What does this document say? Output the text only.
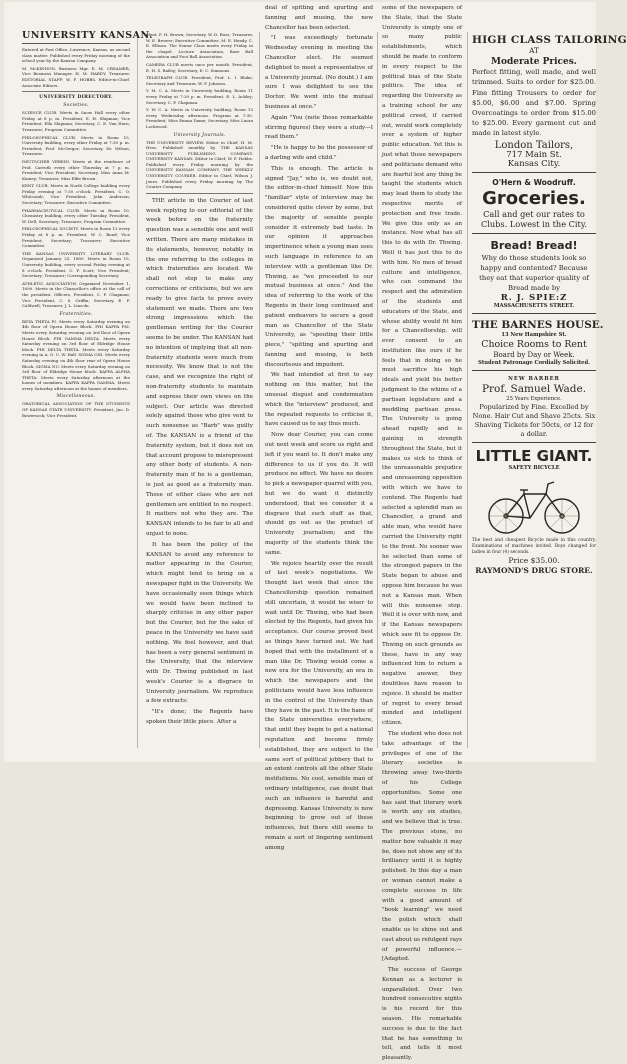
UNIVERSITY KANSAN.

Entered at Post Office, Lawrence, Kansas, as second class matter. Published every Friday morning of the school year by the Kansan Company.

M. McKINNON, Business Mgr. E. M. CREAMER, Vice Business Manager. H. M. HARDY, Treasurer. EDITORIAL STAFF: W. F. HOBBS, Editor-in-Chief. Associate Editors.

UNIVERSITY DIRECTORY.
Societies.

SCIENCE CLUB. Meets in Snow Hall every other Friday at 8 p. m. President, E. H. Shipman; Vice President, Ella Shipman; Secretary, C. E. Van Horn; Treasurer; Program Committee.

PHILOSOPHICAL CLUB. Meets in Room 15, University building, every other Friday at 7:30 p. m. President, Prof. McGregor; Secretary, Dr. Wilson; Treasurer.

DEUTSCHER VEREIN. Meets at the residence of Prof. Carruth every other Thursday at 7 p. m. President; Vice President; Secretary, Miss Anna M. Kinney; Treasurer, Miss Elfie Brown.

KENT CLUB. Meets in North College building every Friday evening at 7:30 o'clock. President, C. O. Whitcomb; Vice President, John Anderson; Secretary; Treasurer; Executive Committee.

PHARMACEUTICAL CLUB. Meets in Room 10, Chemistry building, every other Tuesday. President, W. Dell; Secretary; Treasurer; Program Committee.

PHILOSOPHICAL SOCIETY. Meets in Room 13 every Friday at 8 p. m. President, W. C. Bond; Vice President; Secretary; Treasurer; Executive Committee.

THE KANSAS UNIVERSITY LITERARY CLUB. Organized January 25, 1889. Meets in Room 15, University building, every second Friday evening at 8 o'clock. President, C. F. Scott; Vice President; Secretary; Treasurer; Corresponding Secretary.

ATHLETIC ASSOCIATION. Organized November 1, 1890. Meets in the Chancellor's office at the call of the president. Officers, President, C. F. Chapman; Vice President, C. S. Griffin; Secretary, E. F. Caldwell; Treasurer, J. L. Lincoln.

Fraternities.

BETA THETA PI. Meets every Saturday evening on 4th floor of Opera House Block. PHI KAPPA PSI. Meets every Saturday evening on 3rd floor of Opera House Block. PHI GAMMA DELTA. Meets every Saturday evening on 3rd floor of Eldridge House block. PHI DELTA THETA. Meets every Saturday evening in A. O. U. W. Hall. SIGMA CHI. Meets every Saturday evening on 4th floor rear of Opera House Block. SIGMA NU. Meets every Saturday evening on 3rd floor of Eldridge House block. KAPPA ALPHA THETA. Meets every Saturday afternoon at the homes of members. KAPPA KAPPA GAMMA. Meets every Saturday afternoon at the homes of members.

Miscellaneous.

ORATORICAL ASSOCIATION OF THE STUDENTS OF KANSAS STATE UNIVERSITY. President, Jno. D. Bowersock; Vice President.

ident, F. H. Brown; Secretary, W. D. Ross; Treasurer, W. E. Brewer; Executive Committee, M. E. Hendy, C. E. Ellison. The Senior Class meets every Friday in the chapel. Lecture Association, Base Ball Association and Foot Ball Association.

CAMERA CLUB meets once per month. President, E. H. S. Bailey; Secretary, E. C. Simmons.

TELEGRAPH CLUB. President, Prof. L. I. Blake; Secretary and Treasurer, W. F. Johnson.

Y. M. C. A. Meets in University building, Room 11 every Friday at 7:30 p. m. President, E. L. Ackley; Secretary, C. P. Chapman.

Y. W. C. A. Meets in University building, Room 15 every Wednesday afternoon. Program at 7:30. President, Miss Emma Dame; Secretary, Miss Laura Lockwood.

University Journals.

THE UNIVERSITY REVIEW. Editor in Chief, H. M. Hess. Published monthly by THE KANSAS UNIVERSITY PUBLISHING COMPANY. UNIVERSITY KANSAN. Editor in Chief, W. F. Hobbs. Published every Friday morning by the UNIVERSITY KANSAN COMPANY. THE WEEKLY UNIVERSITY COURIER. Editor in Chief, Wilson J. Jones. Published every Friday morning by The Courier Company.

THE article in the Courier of last week replying to our editorial of the week before on the fraternity question was a sensible one and well written. There are many mistakes in its statements, however, notably in the one referring to the colleges in which fraternities are located. We shall not stop to make any corrections or criticisms, but we are ready to give facts to prove every statement we made. There are two strong impressions which the gentleman writing for the Courier seems to be under. The KANSAN had no intention of implying that all non-fraternity students were much from necessity. We know that is not the case, and we recognize the right of non-fraternity students to maintain and express their own views on the subject. Our article was directed solely against those who give vent to such nonsense as "Barb" was guilty of. The KANSAN is a friend of the fraternity system, but it does not on that account propose to misrepresent any other body of students. A non-fraternity man if he is a gentleman, is just as good as a fraternity man. Those of either class who are not gentlemen are entitled to no respect. It matters not who they are. The KANSAN intends to be fair to all and unjust to none.

It has been the policy of the KANSAN to avoid any reference to matter appearing in the Courier, which might tend to bring on a newspaper fight in the University. We have occasionally seen things which we would have been inclined to sharply criticise in any other paper but the Courier, but for the sake of peace in the University we have said nothing. We feel however, and that has been a very general sentiment in the University, that the interview with Dr. Thwing published in last week's Courier is a disgrace to University journalism. We reproduce a few extracts:

"It's done; the Regents have spoken their little piece. After a

deal of spitting and spurting and fanning and musing, the new Chancellor has been selected.

"I was exceedingly fortunate Wednesday evening in meeting the Chancellor elect. He seemed delighted to meet a representative of a University journal. (No doubt.) I am sure I was delighted to see the Doctor. We went into the mutual business at once."

Again "You (note those remarkable stirring figures) they were a study—I read them."

"He is happy to be the possessor of a darling wife and child."

This is enough. The article is signed "Jay," who is, we doubt not, the editor-in-chief himself. Now this "familiar" style of interview may be considered quite clever by some, but the majority of sensible people consider it extremely bad taste. In our opinion it approaches impertinence when a young man uses such language in reference to an interview with a gentleman like Dr. Thwing, as "we proceeded to our mutual business at once." And the idea of referring to the work of the Regents in their long continued and patient endeavors to secure a good man as Chancellor of the State University, as "spouting their little piece," "spitting and spurting and fanning and musing, is both discourteous and impudent.

We had intended at first to say nothing on this matter, but the unusual disgust and condemnation which the "interview" produced, and the repeated requests to criticise it, have caused us to say thus much.

Now dear Courier, you can come out next week and score us right and left if you want to. It don't make any difference to us if you do. It will produce no effect. We have no desire to pick a newspaper quarrel with you, but we do want it distinctly understood, that we consider it a disgrace that such stuff as that, should go out as the product of University journalism; and the majority of the students think the same.

We rejoice heartily over the result of last week's negotiations. We thought last week that since the Chancellorship question remained still uncertain, it would be wiser to wait until Dr. Thwing, who had been elected by the Regents, had given his acceptance. Our course proved best as things have turned out. We had hoped that with the installment of a man like Dr. Thwing would come a new era for the University, an era in which the newspapers and the politicians would have less influence in the control of the University than they have in the past. It is the bane of the State universities everywhere, that until they begin to get a national reputation and become firmly established, they are subject to the same sort of political jobbery that to an extent controls all the other State institutions. No cool, sensible man of ordinary intelligence, can doubt that such an influence is harmful and depressing. Kansas University is now beginning to grow out of these influences, but there still seems to remain a sort of lingering sentiment among

some of the newspapers of the State, that the State University is simply one of so many public establishments, which should be made to conform in every respect to the political bias of the State politics. The idea of regarding the University as a training school for any political creed, if carried out, would work completely over a system of higher public education. Yet this is just what those newspapers and politicians demand who are fearful lest any thing be taught the students which may lead them to study the respective merits of protection and free trade. We give this only as an instance. Now what has all this to do with Dr. Thwing. Well it has just this to do with him. No men of broad culture and intelligence, who can command the respect and the admiration of the students and educators of the State, and whose ability would fit him for a Chancellorship, will ever consent to an institution like ours if he feels that in doing so he must sacrifice his high ideals and yield his better judgment to the whims of a partisan legislature and a meddling partisan press. The University is going ahead rapidly and is gaining in strength throughout the State, but it makes us sick to think of the unreasonable prejudice and unreasoning opposition with which we have to contend. The Regents had selected a splendid man as Chancellor, a grand and able man, who would have carried the University right to the front. No sooner was he selected than some of the strongest papers in the State began to abuse and oppose him because he was not a Kansas man. When will this nonsense stop. Well it is over with now, and if the Kansas newspapers which saw fit to oppose Dr. Thwing on such grounds as these, have in any way influenced him to return a negative answer, they doubtless have reason to rejoice. It should be matter of regret to every broad minded and intelligent citizen.

The student who does not take advantage of the privileges of one of the literary societies is throwing away two-thirds of his College opportunities. Some one has said that literary work is worth any six studies, and we believe that is true. The previous stone, no matter how valuable it may be, does not show any of its brilliancy until it is highly polished. In this day a man or woman cannot make a complete success in life with a good amount of "book learning" we need the polish which shall enable us to shine out and cast about us refulgent rays of powerful influence.—[Adapted.

The success of George Kennan as a lecturer is unparalleled. Over two hundred consecutive nights is his record for this season. His remarkable success is due to the fact that he has something to tell, and tells it most pleasantly.

HIGH CLASS TAILORING
AT
Moderate Prices.
Perfect fitting, well made, and well trimmed. Suits to order for $25.00. Fine fitting Trousers to order for $5.00, $6.00 and $7.00. Spring Overcoatings to order from $15.00 to $25.00. Every garment cut and made in latest style.
London Tailors,
717 Main St.
Kansas City.
O'Hern & Woodruff.
Groceries.
Call and get our rates to Clubs. Lowest in the City.
Bread! Bread!
Why do those students look so happy and contented? Because they eat that superior quality of Bread made by
R. J. SPIE:Z
MASSACHUSETTS STREET.
THE BARNES HOUSE.
13 New Hampshire St.
Choice Rooms to Rent
Board by Day or Week.
Student Patronage Cordially Solicited.
NEW BARBER
Prof. Samuel Wade.
25 Years Experience.
Popularized by Fine. Excelled by None. Hair Cut and Shave 25cts. Six Shaving Tickets for 50cts, or 12 for a dollar.
LITTLE GIANT.
SAFETY BICYCLE
The best and cheapest Bicycle made in this country. Examinations of machines invited. Boys changed for ladies in four (4) seconds.
Price $35.00.
RAYMOND'S DRUG STORE.
